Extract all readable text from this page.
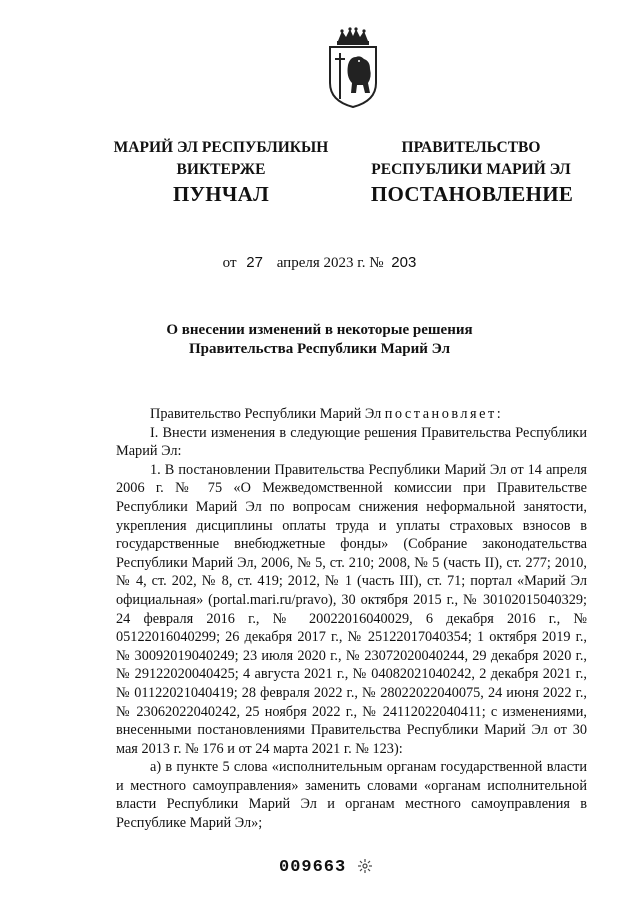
МАРИЙ ЭЛ РЕСПУБЛИКЫН
ВИКТЕРЖЕ
ПРАВИТЕЛЬСТВО
РЕСПУБЛИКИ МАРИЙ ЭЛ
ПУНЧАЛ	ПОСТАНОВЛЕНИЕ
от 27 апреля 2023 г. № 203
О внесении изменений в некоторые решения
Правительства Республики Марий Эл

Правительство Республики Марий Эл постановляет:

I. Внести изменения в следующие решения Правительства Республики Марий Эл:

1. В постановлении Правительства Республики Марий Эл от 14 апреля 2006 г. № 75 «О Межведомственной комиссии при Правительстве Республики Марий Эл по вопросам снижения неформальной занятости, укрепления дисциплины оплаты труда и уплаты страховых взносов в государственные внебюджетные фонды» (Собрание законодательства Республики Марий Эл, 2006, № 5, ст. 210; 2008, № 5 (часть II), ст. 277; 2010, № 4, ст. 202, № 8, ст. 419; 2012, № 1 (часть III), ст. 71; портал «Марий Эл официальная» (portal.mari.ru/pravo), 30 октября 2015 г., № 30102015040329; 24 февраля 2016 г., № 20022016040029, 6 декабря 2016 г., № 05122016040299; 26 декабря 2017 г., № 25122017040354; 1 октября 2019 г., № 30092019040249; 23 июля 2020 г., № 23072020040244, 29 декабря 2020 г., № 29122020040425; 4 августа 2021 г., № 04082021040242, 2 декабря 2021 г., № 01122021040419; 28 февраля 2022 г., № 28022022040075, 24 июня 2022 г., № 23062022040242, 25 ноября 2022 г., № 24112022040411; с изменениями, внесенными постановлениями Правительства Республики Марий Эл от 30 мая 2013 г. № 176 и от 24 марта 2021 г. № 123):

а) в пункте 5 слова «исполнительным органам государственной власти и местного самоуправления» заменить словами «органам исполнительной власти Республики Марий Эл и органам местного самоуправления в Республике Марий Эл»;

009663
